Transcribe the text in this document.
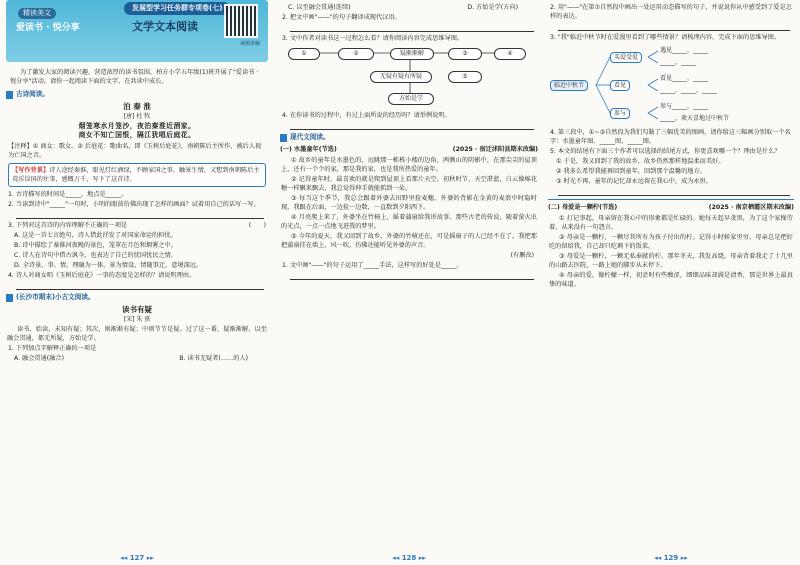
精读美文
爱读书 · 悦分享
发展型学习任务群专项卷(七)
文学文本阅读
视频讲解
为了激发大家的阅读兴趣，营造浓厚的读书氛围，柏方小学五年级(1)班开展了"爱读书 · 悦分享"活动。请你一起阅读下面的文字，在共读中成长。
古诗阅读。
泊 秦 淮
[唐] 杜 牧
烟笼寒水月笼沙，夜泊秦淮近酒家。
商女不知亡国恨，隔江犹唱后庭花。
【注释】① 商女：歌女。② 后庭花：歌曲名，即《玉树后庭花》，南朝陈后主所作，被后人视为亡国之音。
【写作背景】诗人途经秦淮，眼见灯红酒绿，不顾家国之事，触景生情，又想到南朝陈后主荒淫误国的往事，感慨万千，写下了这首诗。
1. 古诗描写的时间是_____，地点是_____。
2. 当读到诗中"_____"一句时，小明的眼前仿佛出现了怎样的画面？试着用自己的话写一写。
3. 下列对这首诗的内容理解不正确的一项是	(　　)
A. 这是一首七言绝句，诗人借此抒发了对国家命运的担忧。
B. 诗中描绘了秦淮河夜晚的景色，笼罩在月色和烟雾之中。
C. 诗人在诗句中借古讽今，也表达了自己的忧国忧民之情。
D. 全诗景、事、情、理融为一体，景为情设，情随事迁，意境深远。
4. 诗人对商女唱《玉树后庭花》一事的态度是怎样的？请说明理由。
(长沙市期末)小古文阅读。
读书有疑
[宋] 朱 熹
读书，始读，未知有疑；其次，则渐渐有疑；中则节节是疑。过了这一番，疑渐渐解，以至融会贯通，都无所疑，方始是学。
1. 下列加点字解释正确的一项是
A. 融会贯通(融合)	B. 读书无疑者(……的人)
◂◂ 127 ▸▸
C. 以至融会贯通(连续)	D. 方始是学(方向)
2. 把文中画"——"的句子翻译成现代汉语。
3. 文中作者对读书这一过程怎么看？请你阅读内容完成思维导图。
①	②	疑渐渐解	③	④
⑤
无疑有疑有所疑
方始是学
4. 在你读书的过程中，有过上面所说的经历吗？请举例说明。
现代文阅读。
(一) 水墨童年(节选)	(2025 · 宿迁沭阳县期末改编)
① 故乡的童年是水墨色的，远眺那一栋栋小楼的边角，两侧山的阴影中，在那尖尖的屋顶上，还有一个个的家，那是我的家，也是我所热爱的童年。
② 记得童年时，最喜欢的就是爬到屋顶上看那片天空。初秋时节，天空湛蓝，白云像棉花糖一样飘来飘去，我总觉得伸手就能抓到一朵。
③ 每当这个季节，我总会跟着外婆去田野里捡麦穗。外婆的背影在金黄的麦浪中时隐时现，我跟在后面，一边捡一边数，一直数到夕阳西下。
④ 月亮爬上来了，外婆坐在竹椅上，摇着蒲扇给我讲故事。那些古老的传说，随着萤火虫的光点，一点一点地飞进我的梦里。
⑤ 今年的夏天，我又回到了故乡，外婆的竹椅还在，可是摇扇子的人已经不在了。我把那把蒲扇挂在墙上，风一吹，仿佛还能听见外婆的声音。
(有删改)
1. 文中画"——"的句子运用了_____手法，这样写的好处是_____。
◂◂ 128 ▸▸
2. 用"——"在第⑦自然段中画出一处运用动态描写的句子，并说说你从中感受到了爱是怎样的表达。
3. "我"临近中秋节时在爱漫里看到了哪些情景？请梳理内容，完成下面的思维导图。
临近中秋节
买爱受爱
看见
参与
遇见_____，_____
_____，_____
看见_____，_____
_____，_____，_____
参与_____，_____
_____，欢天喜地过中秋节
4. 第三段中，①~③自然段为我们勾勒了三幅优美的图画，请你给这三幅画分别取一个名字：水墨童年图、_____图、_____图。
5. 本文的结尾有下面三个作者可以选择的结尾方式，你更喜欢哪一个？理由是什么？
① 于是，我又回到了我的故乡，故乡仍然那样地温柔而美好。
② 我多么希望我能再回到童年，回到那个温馨的地方。
③ 时光不再，童年的记忆却永远留在我心中，成为永恒。
(二) 母爱是一颗柠(节选)	(2025 · 南京栖霞区期末改编)
① 打记事起，母亲留在我心中的形象都是忙碌的。她每天起早贪黑，为了这个家操劳着，从来没有一句怨言。
② 母亲是一颗柠，一颗尽其所有为孩子付出的柠。记得小时候家里穷，母亲总是把好吃的留给我，自己却只吃剩下的饭菜。
③ 母爱是一颗柠，一颗无私奉献的柠。那年冬天，我发高烧，母亲背着我走了十几里的山路去医院，一路上她的脚步从未停下。
④ 母亲的爱，像柠檬一样，初尝时有些酸涩，细细品味却满是清香，那是世界上最真挚的味道。
◂◂ 129 ▸▸
